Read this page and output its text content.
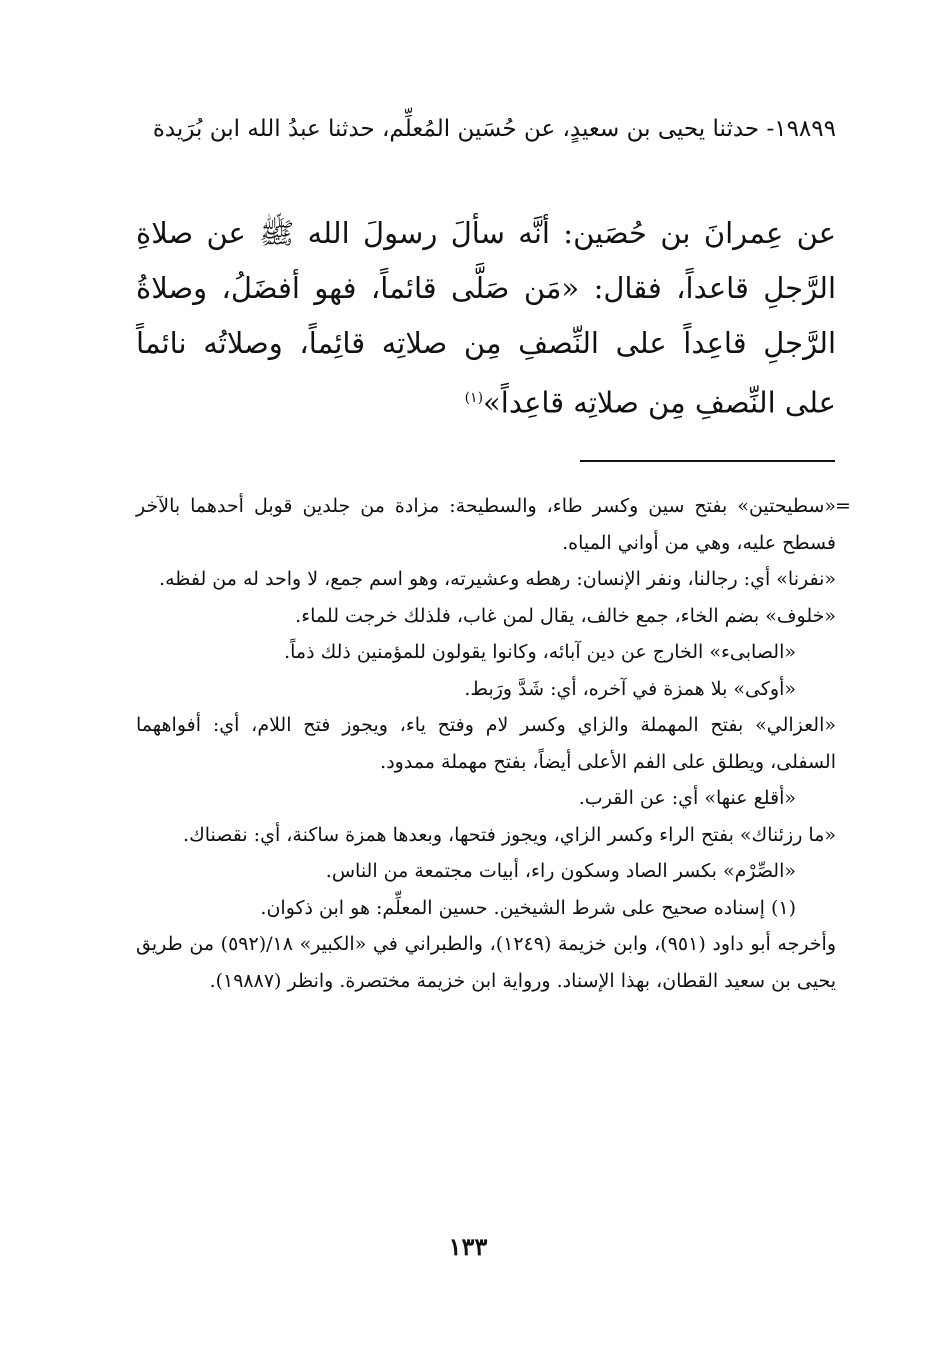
١٩٨٩٩- حدثنا يحيى بن سعيدٍ، عن حُسَين المُعلِّم، حدثنا عبدُ الله ابن بُرَيدة

عن عِمرانَ بن حُصَين: أنَّه سألَ رسولَ الله ﷺ عن صلاةِ الرَّجلِ قاعداً، فقال: «مَن صَلَّى قائماً، فهو أفضَلُ، وصلاةُ الرَّجلِ قاعِداً على النِّصفِ مِن صلاتِه قائِماً، وصلاتُه نائماً على النِّصفِ مِن صلاتِه قاعِداً»$^{(١)}$

=

«سطيحتين» بفتح سين وكسر طاء، والسطيحة: مزادة من جلدين قوبل أحدهما بالآخر فسطح عليه، وهي من أواني المياه.

«نفرنا» أي: رجالنا، ونفر الإنسان: رهطه وعشيرته، وهو اسم جمع، لا واحد له من لفظه.

«خلوف» بضم الخاء، جمع خالف، يقال لمن غاب، فلذلك خرجت للماء.

«الصابىء» الخارج عن دين آبائه، وكانوا يقولون للمؤمنين ذلك ذماً.

«أوكى» بلا همزة في آخره، أي: شَدَّ ورَبط.

«العزالي» بفتح المهملة والزاي وكسر لام وفتح ياء، ويجوز فتح اللام، أي: أفواههما السفلى، ويطلق على الفم الأعلى أيضاً، بفتح مهملة ممدود.

«أقلع عنها» أي: عن القرب.

«ما رزئناك» بفتح الراء وكسر الزاي، ويجوز فتحها، وبعدها همزة ساكنة، أي: نقصناك.

«الصِّرْم» بكسر الصاد وسكون راء، أبيات مجتمعة من الناس.

(١) إسناده صحيح على شرط الشيخين. حسين المعلِّم: هو ابن ذكوان.

وأخرجه أبو داود (٩٥١)، وابن خزيمة (١٢٤٩)، والطبراني في «الكبير» ١٨/(٥٩٢) من طريق يحيى بن سعيد القطان، بهذا الإسناد. ورواية ابن خزيمة مختصرة. وانظر (١٩٨٨٧).

١٣٣
